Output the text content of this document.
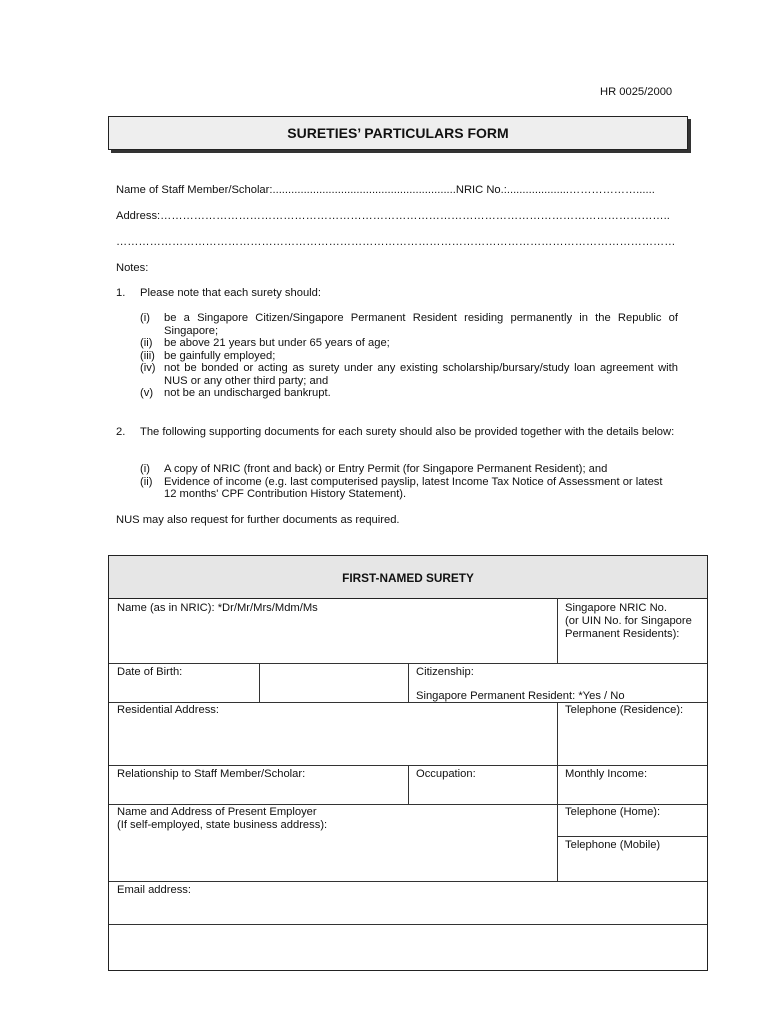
HR 0025/2000
SURETIES’ PARTICULARS FORM
Name of Staff Member/Scholar:...........................................................NRIC No.:....................………………......
Address:………………………………………………………………………………………………………………………..
……………………………………………………………………………………………………………………………………
Notes:
1. Please note that each surety should:
(i)	be a Singapore Citizen/Singapore Permanent Resident residing permanently in the Republic of Singapore;
(ii)	be above 21 years but under 65 years of age;
(iii) be gainfully employed;
(iv) not be bonded or acting as surety under any existing scholarship/bursary/study loan agreement with NUS or any other third party; and
(v) not be an undischarged bankrupt.
2. The following supporting documents for each surety should also be provided together with the details below:
(i)	A copy of NRIC (front and back) or Entry Permit (for Singapore Permanent Resident); and
(ii)	Evidence of income (e.g. last computerised payslip, latest Income Tax Notice of Assessment or latest 12 months' CPF Contribution History Statement).
NUS may also request for further documents as required.
FIRST-NAMED SURETY
Name (as in NRIC): *Dr/Mr/Mrs/Mdm/Ms	Singapore NRIC No.
(or UIN No. for Singapore
Permanent Residents):
Date of Birth:	Citizenship:
Singapore Permanent Resident: *Yes / No
Residential Address:	Telephone (Residence):
Relationship to Staff Member/Scholar:	Occupation:	Monthly Income:
Name and Address of Present Employer
(If self-employed, state business address):
Telephone (Home):
Telephone (Mobile)
Email address:
